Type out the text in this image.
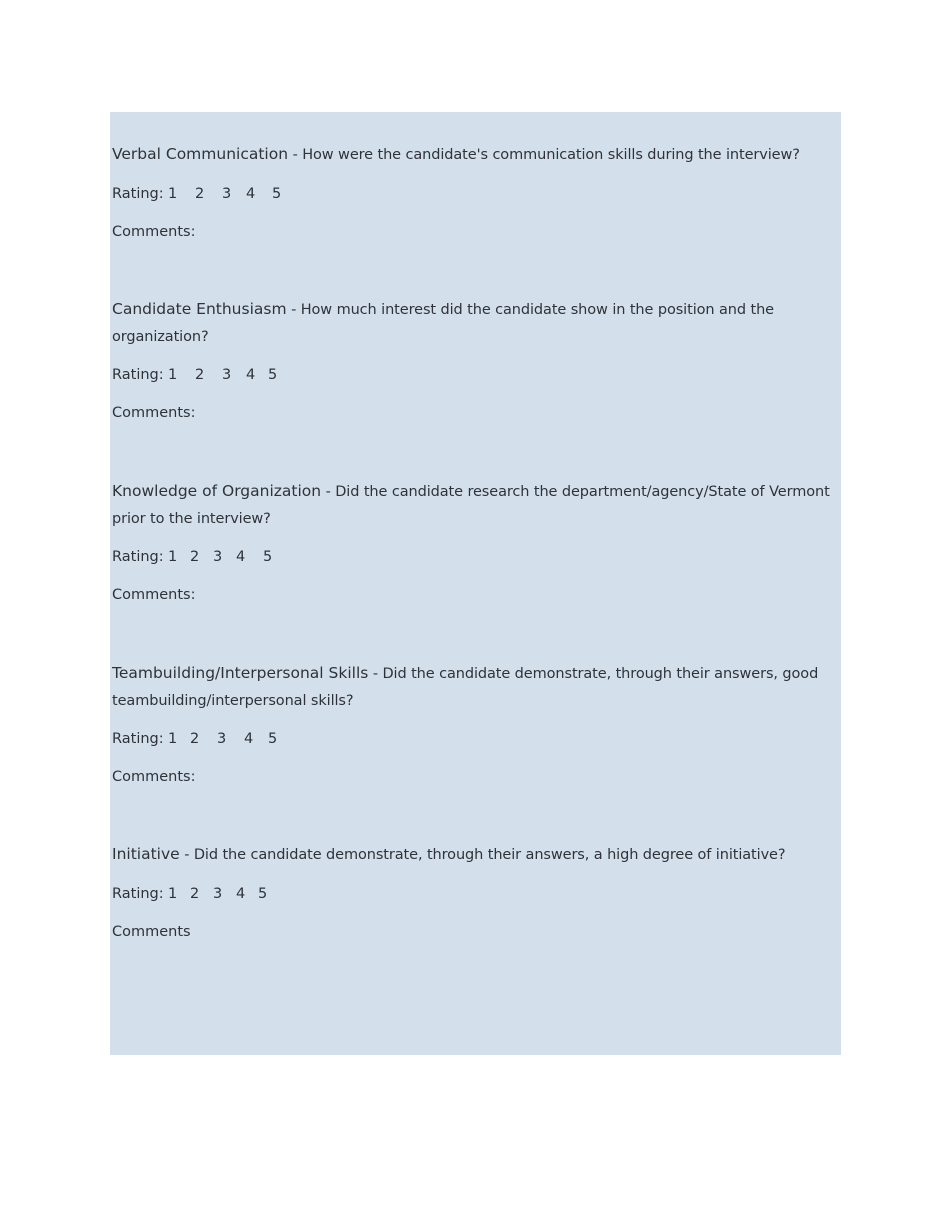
Verbal Communication - How were the candidate's communication skills during the interview?

Rating:

1

2

3

4

5

Comments:

Candidate Enthusiasm - How much interest did the candidate show in the position and the organization?

Rating:

1

2

3

4

5

Comments:

Knowledge of Organization - Did the candidate research the department/agency/State of Vermont prior to the interview?

Rating:

1

2

3

4

5

Comments:

Teambuilding/Interpersonal Skills - Did the candidate demonstrate, through their answers, good teambuilding/interpersonal skills?

Rating:

1

2

3

4

5

Comments:

Initiative - Did the candidate demonstrate, through their answers, a high degree of initiative?

Rating:

1

2

3

4

5

Comments
